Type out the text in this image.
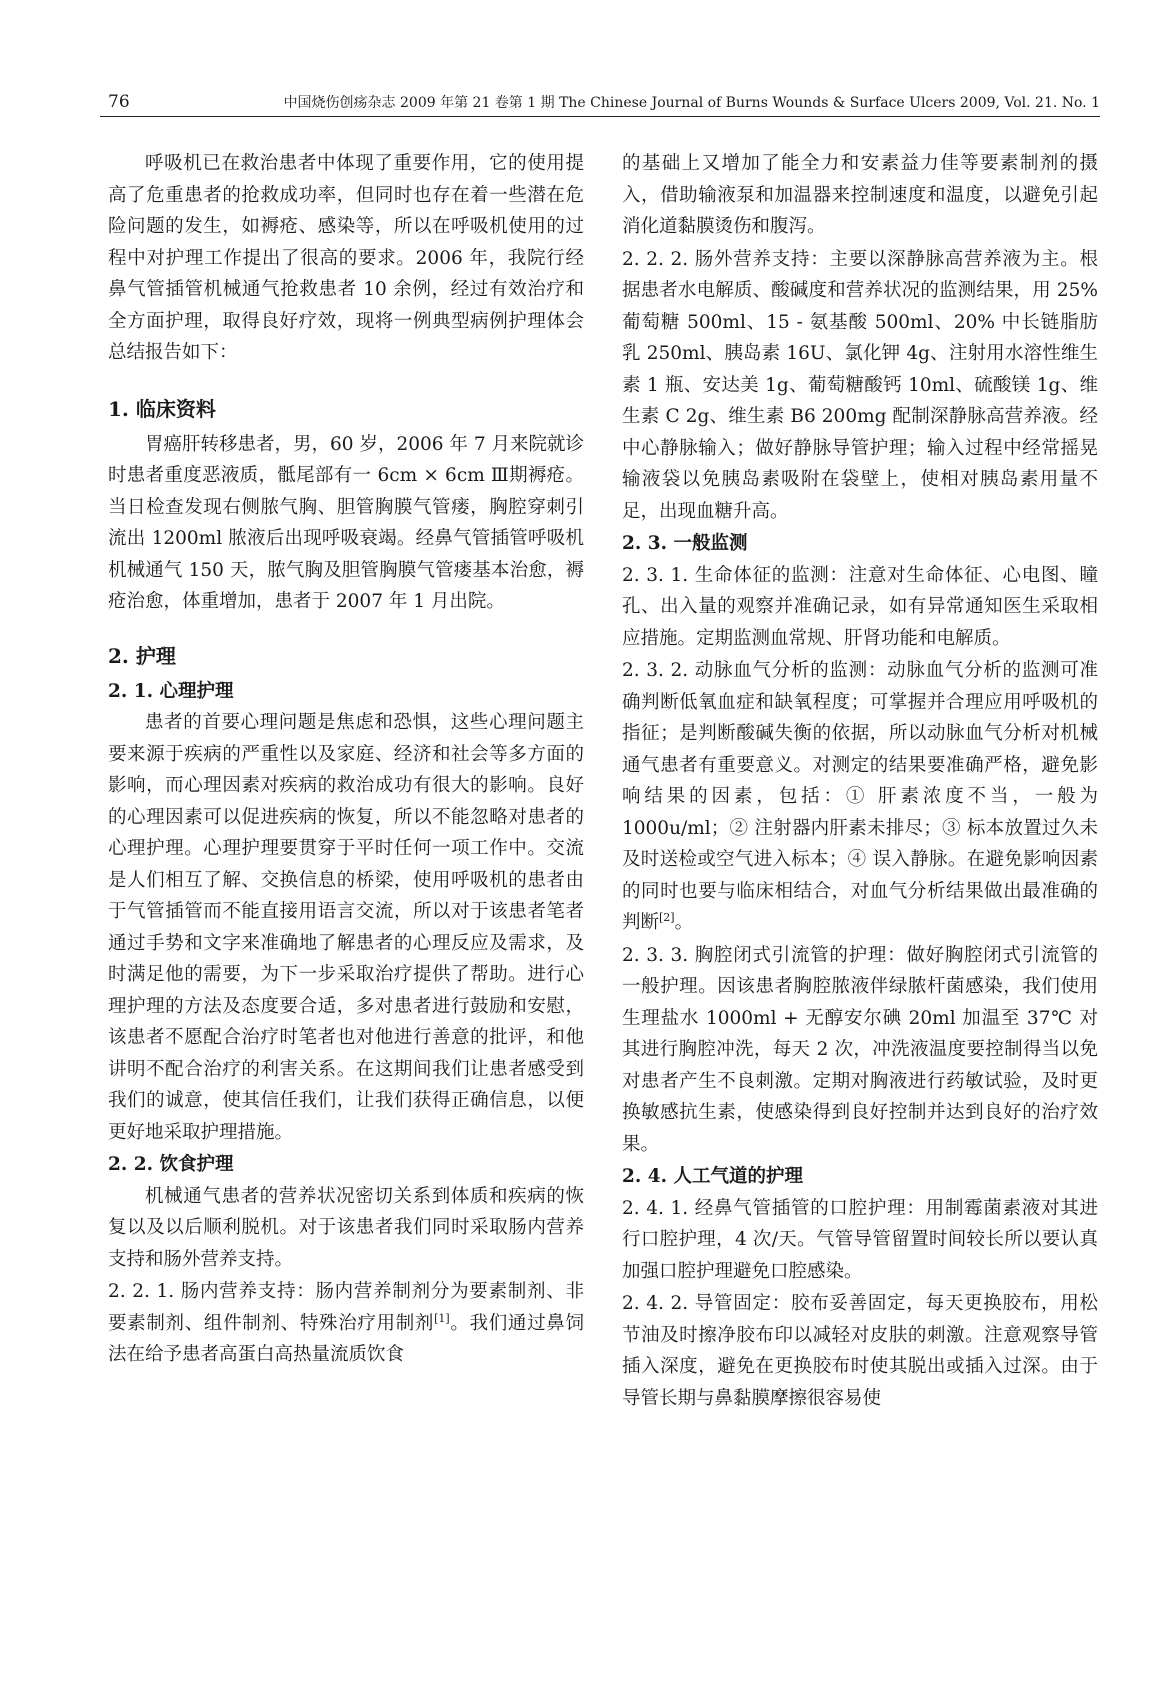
76	中国烧伤创疡杂志 2009 年第 21 卷第 1 期 The Chinese Journal of Burns Wounds & Surface Ulcers 2009, Vol. 21. No. 1

呼吸机已在救治患者中体现了重要作用，它的使用提高了危重患者的抢救成功率，但同时也存在着一些潜在危险问题的发生，如褥疮、感染等，所以在呼吸机使用的过程中对护理工作提出了很高的要求。2006 年，我院行经鼻气管插管机械通气抢救患者 10 余例，经过有效治疗和全方面护理，取得良好疗效，现将一例典型病例护理体会总结报告如下：

1. 临床资料

胃癌肝转移患者，男，60 岁，2006 年 7 月来院就诊时患者重度恶液质，骶尾部有一 6cm × 6cm Ⅲ期褥疮。当日检查发现右侧脓气胸、胆管胸膜气管瘘，胸腔穿刺引流出 1200ml 脓液后出现呼吸衰竭。经鼻气管插管呼吸机机械通气 150 天，脓气胸及胆管胸膜气管瘘基本治愈，褥疮治愈，体重增加，患者于 2007 年 1 月出院。

2. 护理
2. 1. 心理护理

患者的首要心理问题是焦虑和恐惧，这些心理问题主要来源于疾病的严重性以及家庭、经济和社会等多方面的影响，而心理因素对疾病的救治成功有很大的影响。良好的心理因素可以促进疾病的恢复，所以不能忽略对患者的心理护理。心理护理要贯穿于平时任何一项工作中。交流是人们相互了解、交换信息的桥梁，使用呼吸机的患者由于气管插管而不能直接用语言交流，所以对于该患者笔者通过手势和文字来准确地了解患者的心理反应及需求，及时满足他的需要，为下一步采取治疗提供了帮助。进行心理护理的方法及态度要合适，多对患者进行鼓励和安慰，该患者不愿配合治疗时笔者也对他进行善意的批评，和他讲明不配合治疗的利害关系。在这期间我们让患者感受到我们的诚意，使其信任我们，让我们获得正确信息，以便更好地采取护理措施。

2. 2. 饮食护理

机械通气患者的营养状况密切关系到体质和疾病的恢复以及以后顺利脱机。对于该患者我们同时采取肠内营养支持和肠外营养支持。

2. 2. 1. 肠内营养支持：肠内营养制剂分为要素制剂、非要素制剂、组件制剂、特殊治疗用制剂[1]。我们通过鼻饲法在给予患者高蛋白高热量流质饮食

的基础上又增加了能全力和安素益力佳等要素制剂的摄入，借助输液泵和加温器来控制速度和温度，以避免引起消化道黏膜烫伤和腹泻。

2. 2. 2. 肠外营养支持：主要以深静脉高营养液为主。根据患者水电解质、酸碱度和营养状况的监测结果，用 25% 葡萄糖 500ml、15 - 氨基酸 500ml、20% 中长链脂肪乳 250ml、胰岛素 16U、氯化钾 4g、注射用水溶性维生素 1 瓶、安达美 1g、葡萄糖酸钙 10ml、硫酸镁 1g、维生素 C 2g、维生素 B6 200mg 配制深静脉高营养液。经中心静脉输入；做好静脉导管护理；输入过程中经常摇晃输液袋以免胰岛素吸附在袋壁上，使相对胰岛素用量不足，出现血糖升高。

2. 3. 一般监测

2. 3. 1. 生命体征的监测：注意对生命体征、心电图、瞳孔、出入量的观察并准确记录，如有异常通知医生采取相应措施。定期监测血常规、肝肾功能和电解质。

2. 3. 2. 动脉血气分析的监测：动脉血气分析的监测可准确判断低氧血症和缺氧程度；可掌握并合理应用呼吸机的指征；是判断酸碱失衡的依据，所以动脉血气分析对机械通气患者有重要意义。对测定的结果要准确严格，避免影响结果的因素，包括：① 肝素浓度不当，一般为 1000u/ml；② 注射器内肝素未排尽；③ 标本放置过久未及时送检或空气进入标本；④ 误入静脉。在避免影响因素的同时也要与临床相结合，对血气分析结果做出最准确的判断[2]。

2. 3. 3. 胸腔闭式引流管的护理：做好胸腔闭式引流管的一般护理。因该患者胸腔脓液伴绿脓杆菌感染，我们使用生理盐水 1000ml + 无醇安尔碘 20ml 加温至 37℃ 对其进行胸腔冲洗，每天 2 次，冲洗液温度要控制得当以免对患者产生不良刺激。定期对胸液进行药敏试验，及时更换敏感抗生素，使感染得到良好控制并达到良好的治疗效果。

2. 4. 人工气道的护理

2. 4. 1. 经鼻气管插管的口腔护理：用制霉菌素液对其进行口腔护理，4 次/天。气管导管留置时间较长所以要认真加强口腔护理避免口腔感染。

2. 4. 2. 导管固定：胶布妥善固定，每天更换胶布，用松节油及时擦净胶布印以减轻对皮肤的刺激。注意观察导管插入深度，避免在更换胶布时使其脱出或插入过深。由于导管长期与鼻黏膜摩擦很容易使
